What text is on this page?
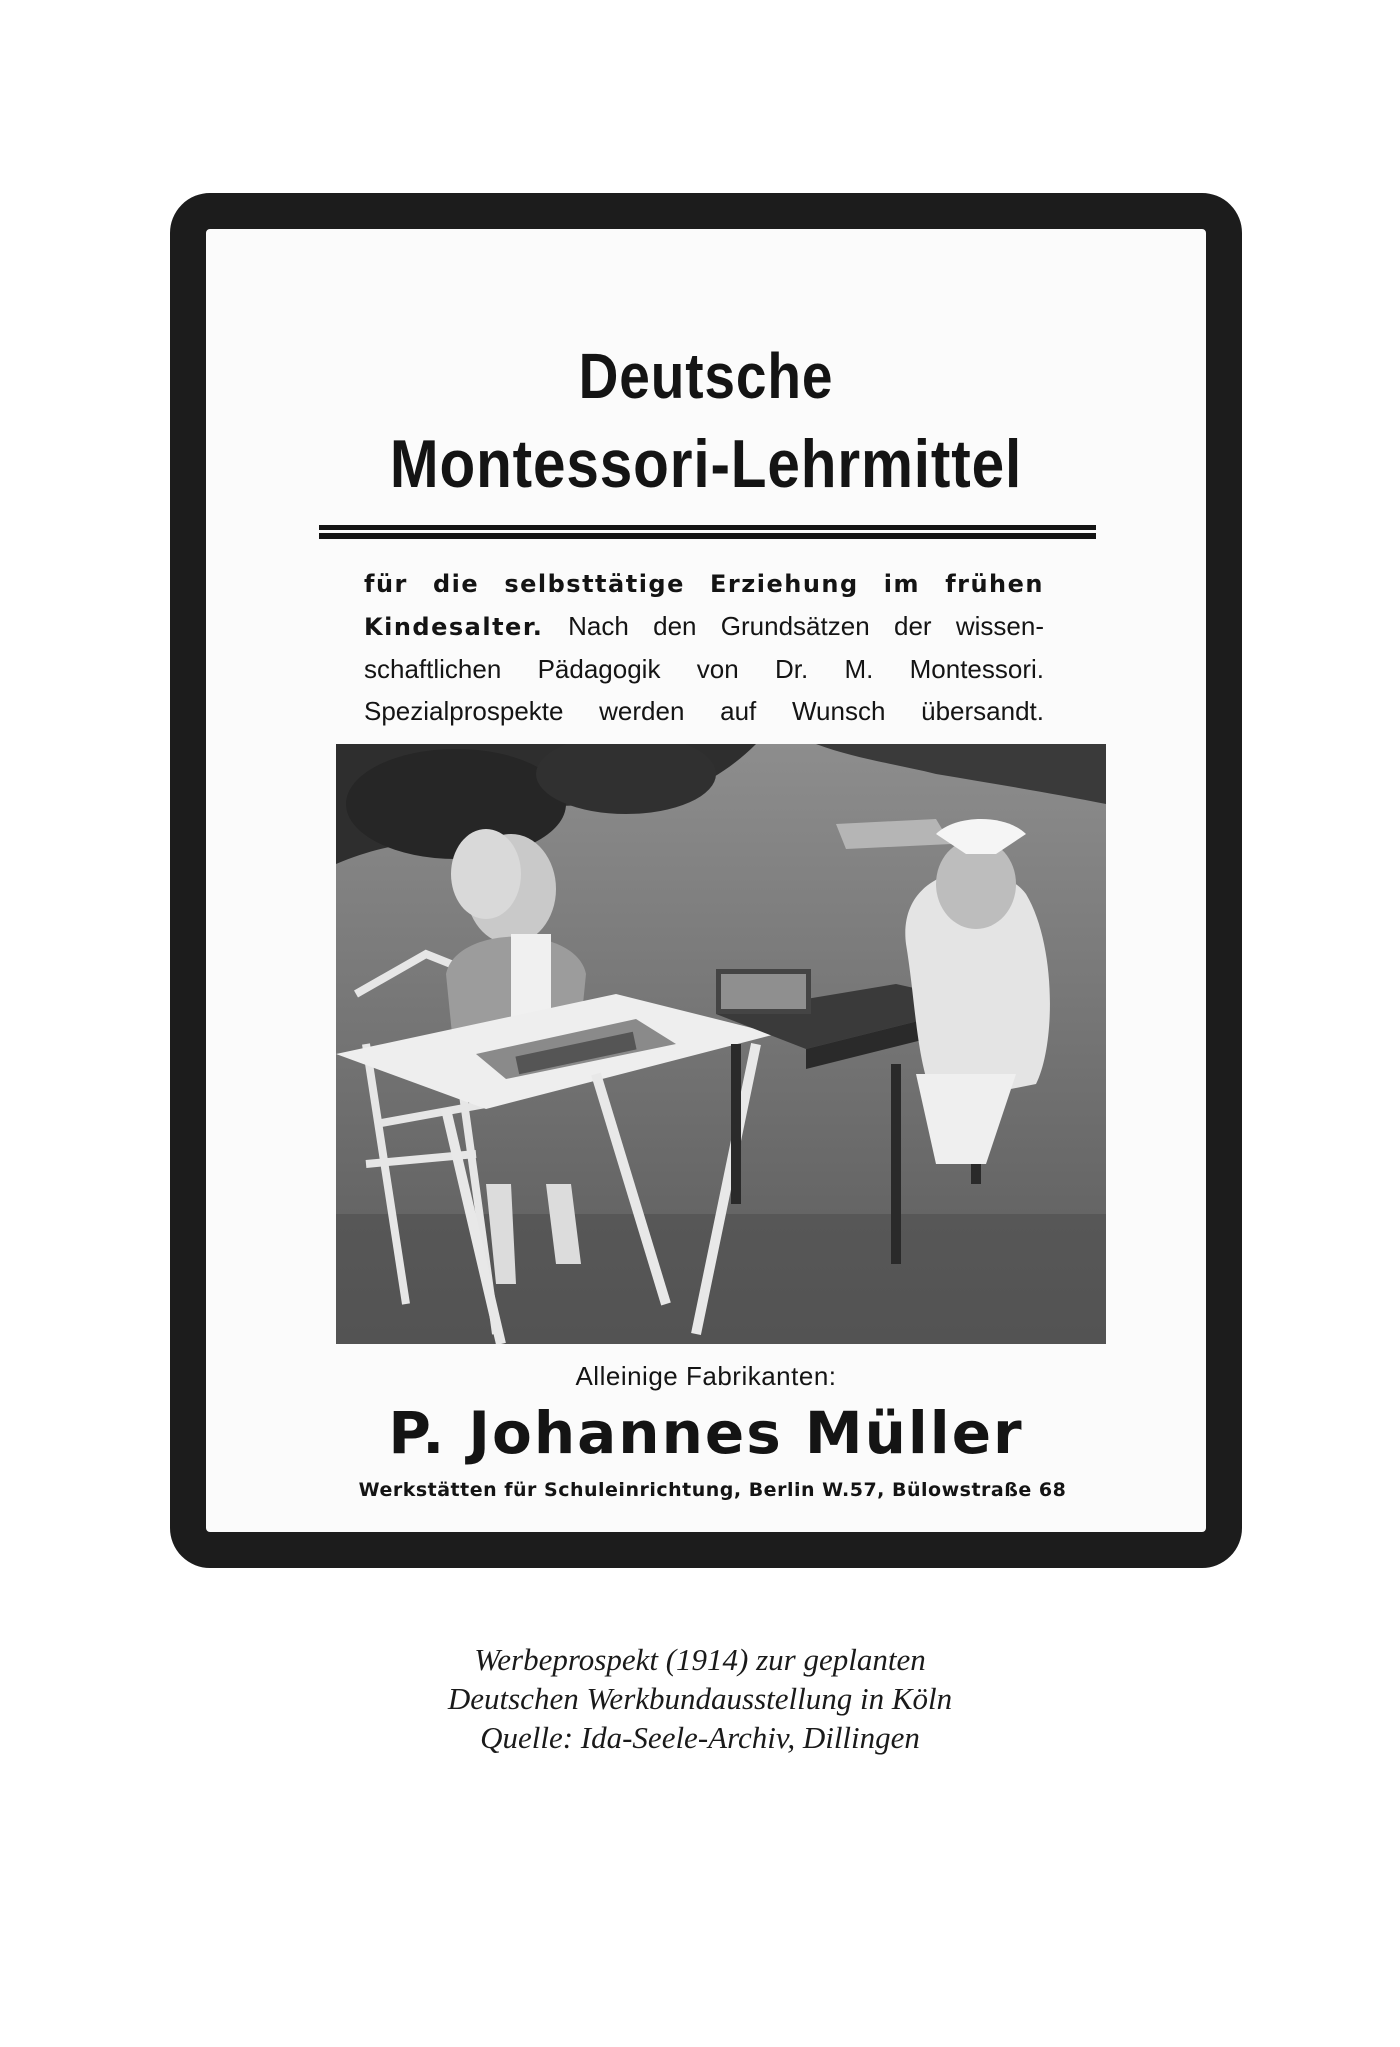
Deutsche
Montessori-Lehrmittel
für die selbsttätige Erziehung im frühen
Kindesalter. Nach den Grundsätzen der wissen-
schaftlichen Pädagogik von Dr. M. Montessori.
Spezialprospekte werden auf Wunsch übersandt.
Alleinige Fabrikanten:
P. Johannes Müller
Werkstätten für Schuleinrichtung, Berlin W.57, Bülowstraße 68
Werbeprospekt (1914) zur geplanten
Deutschen Werkbundausstellung in Köln
Quelle: Ida-Seele-Archiv, Dillingen
